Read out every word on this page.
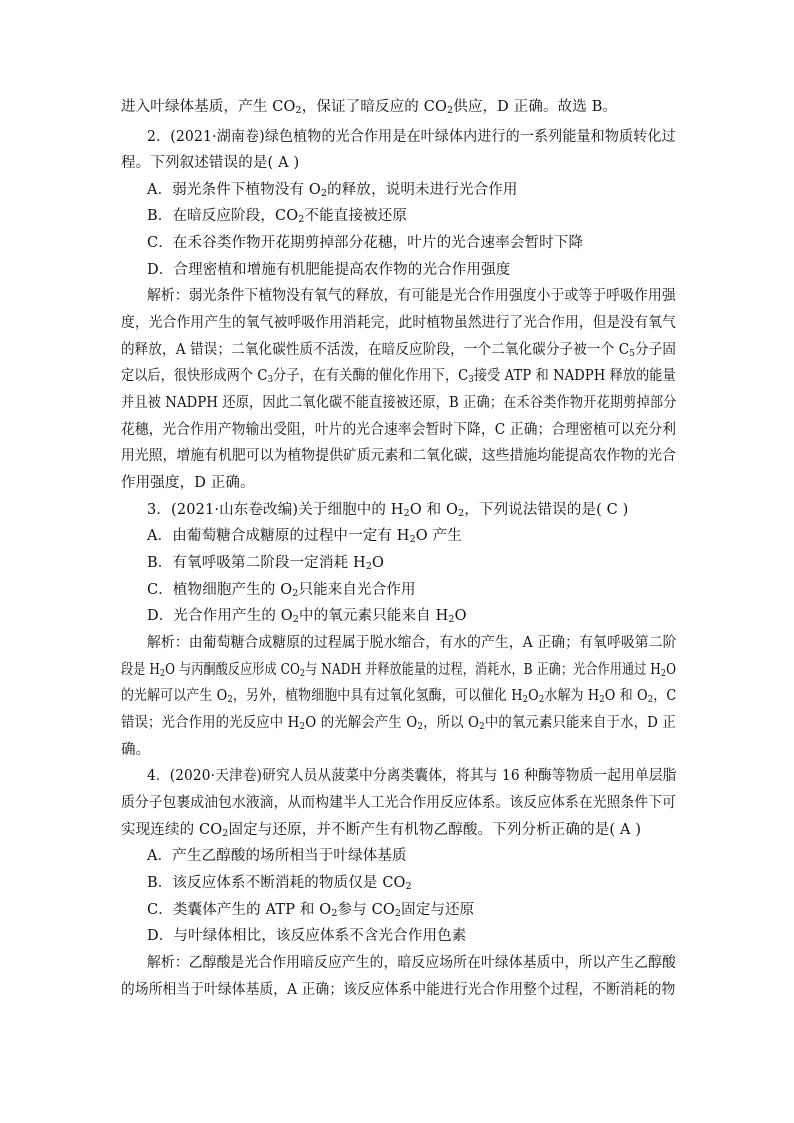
进入叶绿体基质，产生 $CO_2$，保证了暗反应的 $CO_2$供应，D 正确。故选 B。
2．(2021·湖南卷)绿色植物的光合作用是在叶绿体内进行的一系列能量和物质转化过
程。下列叙述错误的是( A )
A．弱光条件下植物没有 $O_2$的释放，说明未进行光合作用
B．在暗反应阶段，$CO_2$不能直接被还原
C．在禾谷类作物开花期剪掉部分花穗，叶片的光合速率会暂时下降
D．合理密植和增施有机肥能提高农作物的光合作用强度
解析：弱光条件下植物没有氧气的释放，有可能是光合作用强度小于或等于呼吸作用强
度，光合作用产生的氧气被呼吸作用消耗完，此时植物虽然进行了光合作用，但是没有氧气
的释放，A 错误；二氧化碳性质不活泼，在暗反应阶段，一个二氧化碳分子被一个 $C_5$分子固
定以后，很快形成两个 $C_3$分子，在有关酶的催化作用下，$C_3$接受 ATP 和 NADPH 释放的能量
并且被 NADPH 还原，因此二氧化碳不能直接被还原，B 正确；在禾谷类作物开花期剪掉部分
花穗，光合作用产物输出受阻，叶片的光合速率会暂时下降，C 正确；合理密植可以充分利
用光照，增施有机肥可以为植物提供矿质元素和二氧化碳，这些措施均能提高农作物的光合
作用强度，D 正确。
3．(2021·山东卷改编)关于细胞中的 $H_2O$ 和 $O_2$，下列说法错误的是( C )
A．由葡萄糖合成糖原的过程中一定有 $H_2O$ 产生
B．有氧呼吸第二阶段一定消耗 $H_2O$
C．植物细胞产生的 $O_2$只能来自光合作用
D．光合作用产生的 $O_2$中的氧元素只能来自 $H_2O$
解析：由葡萄糖合成糖原的过程属于脱水缩合，有水的产生，A 正确；有氧呼吸第二阶
段是 $H_2O$ 与丙酮酸反应形成 $CO_2$与 NADH 并释放能量的过程，消耗水，B 正确；光合作用通过 $H_2O$
的光解可以产生 $O_2$，另外，植物细胞中具有过氧化氢酶，可以催化 $H_2O_2$水解为 $H_2O$ 和 $O_2$，C
错误；光合作用的光反应中 $H_2O$ 的光解会产生 $O_2$，所以 $O_2$中的氧元素只能来自于水，D 正
确。
4．(2020·天津卷)研究人员从菠菜中分离类囊体，将其与 16 种酶等物质一起用单层脂
质分子包裹成油包水液滴，从而构建半人工光合作用反应体系。该反应体系在光照条件下可
实现连续的 $CO_2$固定与还原，并不断产生有机物乙醇酸。下列分析正确的是( A )
A．产生乙醇酸的场所相当于叶绿体基质
B．该反应体系不断消耗的物质仅是 $CO_2$
C．类囊体产生的 ATP 和 $O_2$参与 $CO_2$固定与还原
D．与叶绿体相比，该反应体系不含光合作用色素
解析：乙醇酸是光合作用暗反应产生的，暗反应场所在叶绿体基质中，所以产生乙醇酸
的场所相当于叶绿体基质，A 正确；该反应体系中能进行光合作用整个过程，不断消耗的物
